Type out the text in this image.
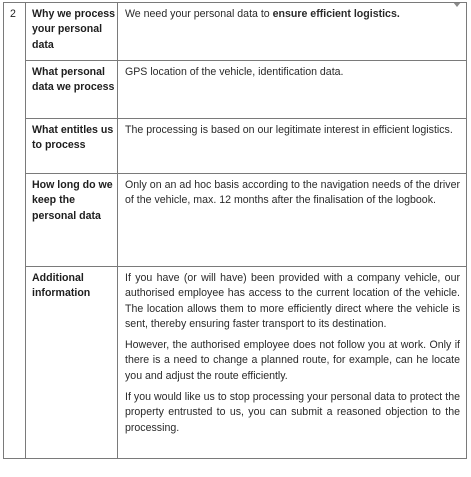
2	Why we process your personal data	We need your personal data to ensure efficient logistics.
	What personal data we process	GPS location of the vehicle, identification data.
	What entitles us to process	The processing is based on our legitimate interest in efficient logistics.

	How long do we keep the personal data	Only on an ad hoc basis according to the navigation needs of the driver of the vehicle, max. 12 months after the finalisation of the logbook.

	Additional information	If you have (or will have) been provided with a company vehicle, our authorised employee has access to the current location of the vehicle. The location allows them to more efficiently direct where the vehicle is sent, thereby ensuring faster transport to its destination.

However, the authorised employee does not follow you at work. Only if there is a need to change a planned route, for example, can he locate you and adjust the route efficiently.

If you would like us to stop processing your personal data to protect the property entrusted to us, you can submit a reasoned objection to the processing.
